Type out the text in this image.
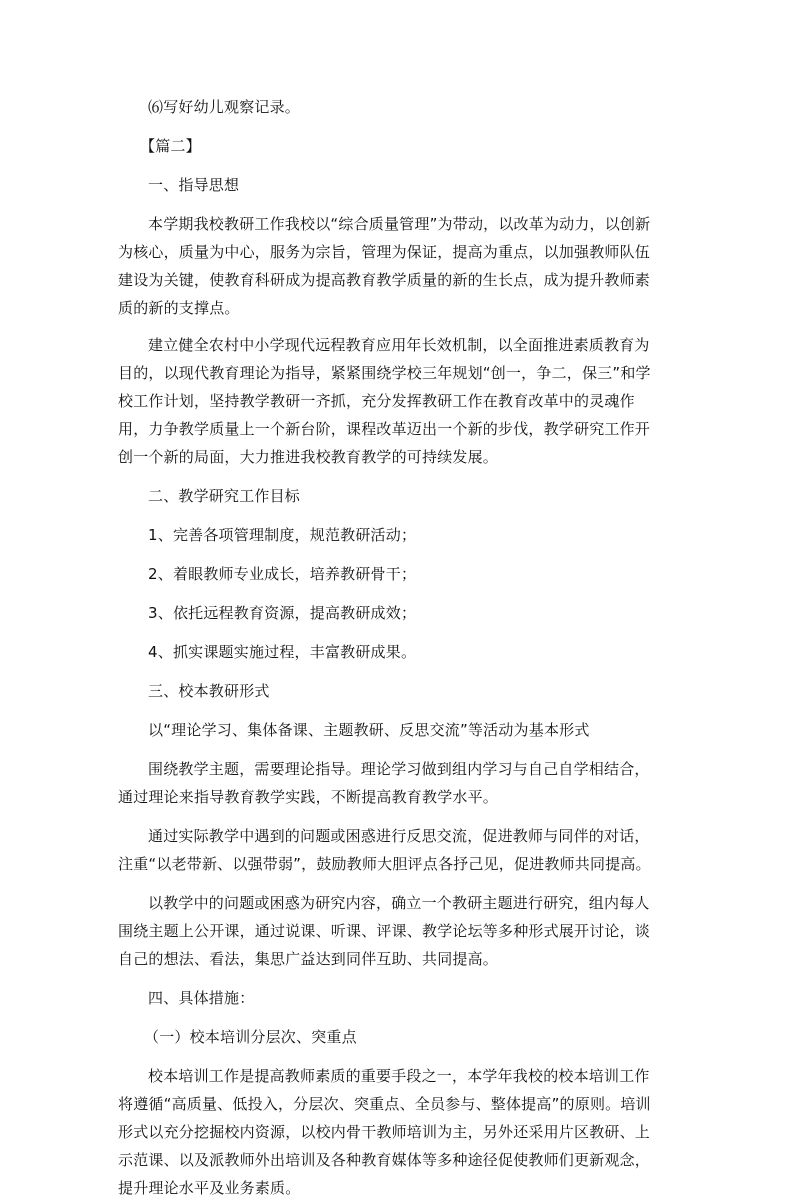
⑹写好幼儿观察记录。

【篇二】

一、指导思想

本学期我校教研工作我校以“综合质量管理”为带动，以改革为动力，以创新为核心，质量为中心，服务为宗旨，管理为保证，提高为重点，以加强教师队伍建设为关键，使教育科研成为提高教育教学质量的新的生长点，成为提升教师素质的新的支撑点。

建立健全农村中小学现代远程教育应用年长效机制，以全面推进素质教育为目的，以现代教育理论为指导，紧紧围绕学校三年规划“创一，争二，保三”和学校工作计划，坚持教学教研一齐抓，充分发挥教研工作在教育改革中的灵魂作用，力争教学质量上一个新台阶，课程改革迈出一个新的步伐，教学研究工作开创一个新的局面，大力推进我校教育教学的可持续发展。

二、教学研究工作目标

1、完善各项管理制度，规范教研活动；

2、着眼教师专业成长，培养教研骨干；

3、依托远程教育资源，提高教研成效；

4、抓实课题实施过程，丰富教研成果。

三、校本教研形式

以“理论学习、集体备课、主题教研、反思交流”等活动为基本形式

围绕教学主题，需要理论指导。理论学习做到组内学习与自己自学相结合，通过理论来指导教育教学实践，不断提高教育教学水平。

通过实际教学中遇到的问题或困惑进行反思交流，促进教师与同伴的对话，注重“以老带新、以强带弱”，鼓励教师大胆评点各抒己见，促进教师共同提高。

以教学中的问题或困惑为研究内容，确立一个教研主题进行研究，组内每人围绕主题上公开课，通过说课、听课、评课、教学论坛等多种形式展开讨论，谈自己的想法、看法，集思广益达到同伴互助、共同提高。

四、具体措施：

（一）校本培训分层次、突重点

校本培训工作是提高教师素质的重要手段之一，本学年我校的校本培训工作将遵循“高质量、低投入，分层次、突重点、全员参与、整体提高”的原则。培训形式以充分挖掘校内资源，以校内骨干教师培训为主，另外还采用片区教研、上示范课、以及派教师外出培训及各种教育媒体等多种途径促使教师们更新观念，提升理论水平及业务素质。
